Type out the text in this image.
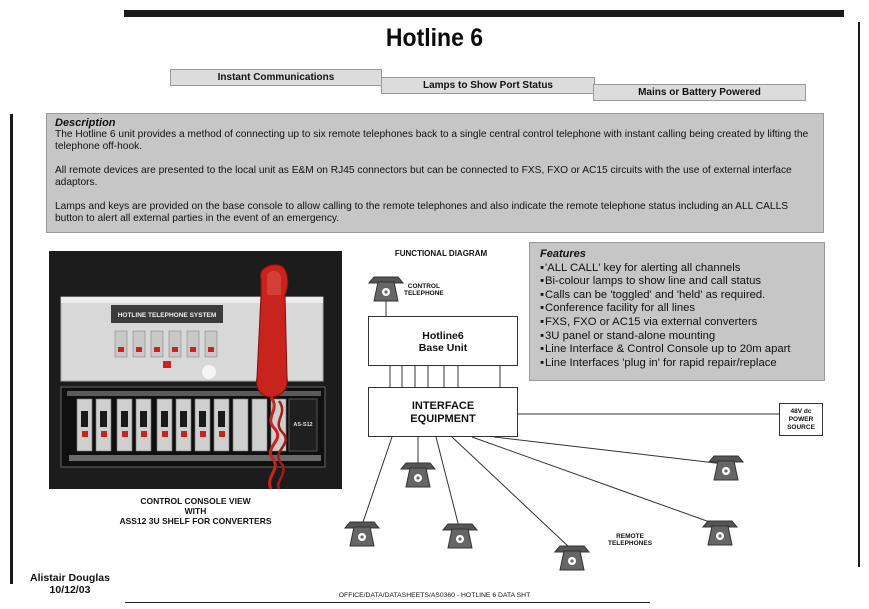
Hotline 6
Instant Communications
Lamps to Show Port Status
Mains or Battery Powered
Description

The Hotline 6 unit provides a method of connecting up to six remote telephones back to a single central control telephone with instant calling being created by lifting the telephone off-hook.

All remote devices are presented to the local unit as E&M on RJ45 connectors but can be connected to FXS, FXO or AC15 circuits with the use of external interface adaptors.

Lamps and keys are provided on the base console to allow calling to the remote telephones and also indicate the remote telephone status including an ALL CALLS button to alert all external parties in the event of an emergency.

HOTLINE TELEPHONE SYSTEM
AS-S12
CONTROL CONSOLE VIEW
WITH
ASS12 3U SHELF FOR CONVERTERS
Features
▪ 'ALL CALL' key for alerting all channels
▪ Bi-colour lamps to show line and call status
▪ Calls can be 'toggled' and 'held' as required.
▪ Conference facility for all lines
▪ FXS, FXO or AC15 via external converters
▪ 3U panel or stand-alone mounting
▪ Line Interface & Control Console up to 20m apart
▪ Line Interfaces 'plug in' for rapid repair/replace
FUNCTIONAL DIAGRAM
CONTROL
TELEPHONE
Hotline6
Base Unit
INTERFACE
EQUIPMENT
48V dc
POWER
SOURCE
REMOTE
TELEPHONES
Alistair Douglas
10/12/03	OFFICE/DATA/DATASHEETS/AS0360 - HOTLINE 6 DATA SHT
